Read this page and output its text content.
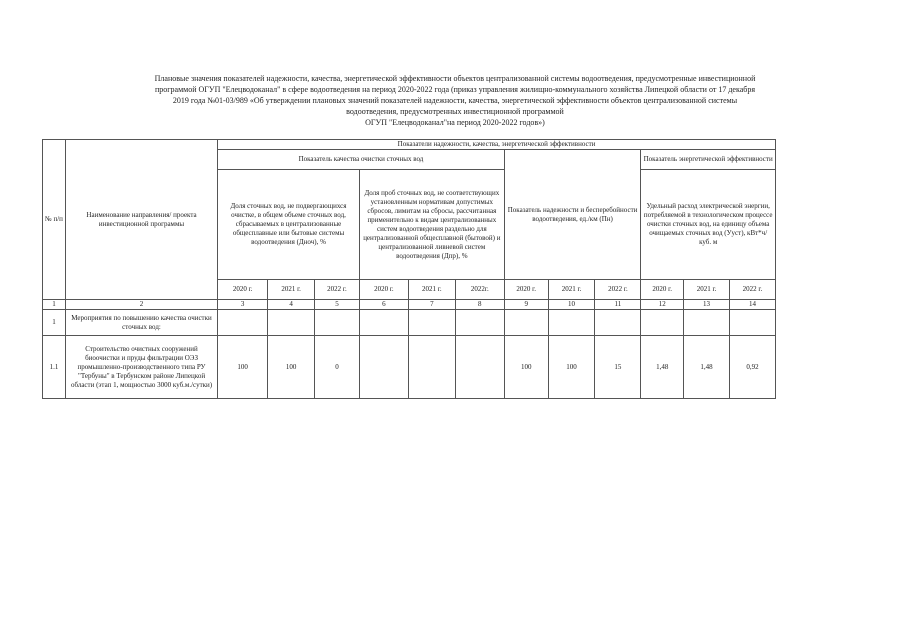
Плановые значения показателей надежности, качества, энергетической эффективности объектов централизованной системы водоотведения, предусмотренные инвестиционной
программой ОГУП "Елецводоканал" в сфере водоотведения на период 2020-2022 года (приказ управления жилищно-коммунального хозяйства Липецкой области от 17 декабря
2019 года №01-03/989 «Об утверждении плановых значений показателей надежности, качества, энергетической эффективности объектов централизованной системы
водоотведения, предусмотренных инвестиционной программой
ОГУП "Елецводоканал"на период 2020-2022 годов»)
№ п/п	Наименование направления/ проекта инвестиционной программы	Показатели надежности, качества, энергетической эффективности											
		Показатель качества очистки сточных вод						Показатель надежности и бесперебойности водоотведения, ед./км (Пн)			Показатель энергетической эффективности		
		Доля сточных вод, не подвергающихся очистке, в общем объеме сточных вод, сбрасываемых в централизованные общесплавные или бытовые системы водоотведения (Дноч), %			Доля проб сточных вод, не соответствующих установленным нормативам допустимых сбросов, лимитам на сбросы, рассчитанная применительно к видам централизованных систем водоотведения раздельно для централизованной общесплавной (бытовой) и централизованной ливневой систем водоотведения (Дпр), %						Удельный расход электрической энергии, потребляемой в технологическом процессе очистки сточных вод, на единицу объема очищаемых сточных вод (Ууст), кВт*ч/куб. м		
		2020 г.	2021 г.	2022 г.	2020 г.	2021 г.	2022г.	2020 г.	2021 г.	2022 г.	2020 г.	2021 г.	2022 г.
1	2	3	4	5	6	7	8	9	10	11	12	13	14
1	Мероприятия по повышению качества очистки сточных вод:												
1.1	Строительство очистных сооружений биоочистки и пруды фильтрации ОЭЗ промышленно-производственного типа РУ "Тербуны" в Тербунском районе Липецкой области (этап 1, мощностью 3000 куб.м./сутки)	100	100	0				100	100	15	1,48	1,48	0,92
